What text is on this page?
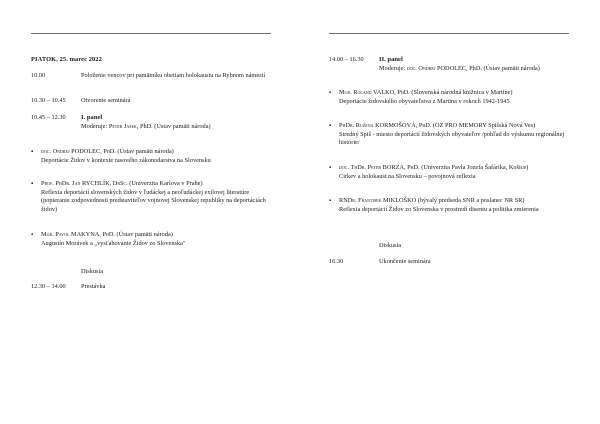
PIATOK, 25. marec 2022
10.00	Položenie vencov pri pamätníku obetiam holokaustu na Rybnom námestí
10.30 – 10.45	Otvorenie seminára
10.45 – 12.30	I. panel
Moderuje: Peter Jašek, PhD. (Ústav pamäti národa)
▪ doc. Ondrej PODOLEC, PhD. (Ústav pamäti národa)
Deportácie Židov v kontexte rasového zákonodarstva na Slovensku
▪ Prof. PhDr. Jan RYCHLÍK, DrSc. (Univerzita Karlova v Prahe)
Reflexia deportácií slovenských židov v ľudáckej a neoľudáckej exilovej literatúre (popieranie zodpovednosti predstaviteľov vojnovej Slovenskej republiky na deportáciách židov)
▪ Mgr. Pavol MAKYNA, PhD. (Ústav pamäti národa)
Augustín Morávek a „vysťahovanie Židov zo Slovenska"
Diskusia
12.30 – 14.00	Prestávka
14.00 – 16.30	II. panel
Moderuje: doc. Ondrej PODOLEC, PhD. (Ústav pamäti národa)
▪ Mgr. Roland VALKO, PhD. (Slovenská národná knižnica v Martine)
Deportácie židovského obyvateľstva z Martina v rokoch 1942-1945
▪ PhDr. Ružena KORMOŠOVÁ, PhD. (OZ PRO MEMORY Spišská Nová Ves)
Stredný Spiš - miesto deportácií židovských obyvateľov /pohľad do výskumu regionálnej histórie/
▪ doc. ThDr. Peter BORZA, PhD. (Univerzita Pavla Jozefa Šafárika, Košice)
Cirkev a holokaust na Slovensku – povojnová reflexia
▪ RNDr. František MIKLOŠKO (bývalý predseda SNR a poslanec NR SR)
Reflexia deportácií Židov zo Slovenska v prostredí disentu a politika zmierenia
Diskusia
16.30	Ukončenie seminára
